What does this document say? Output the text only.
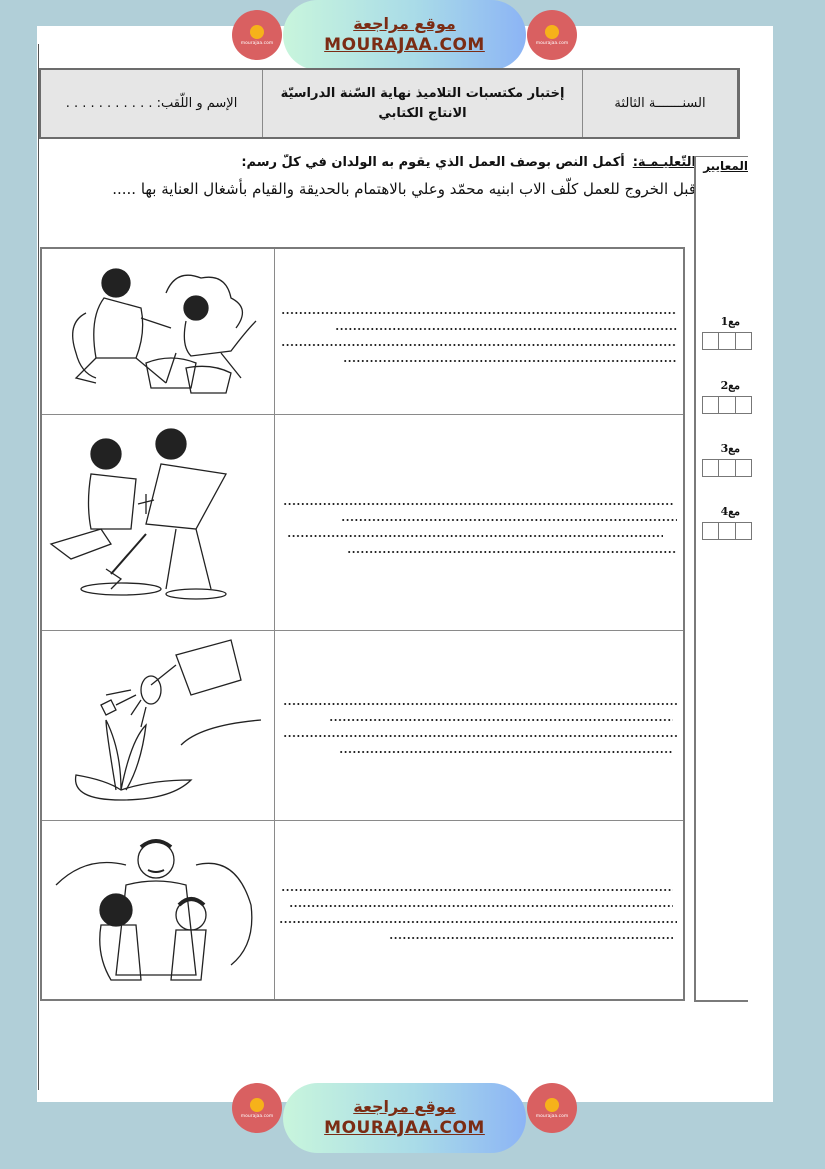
mourajaa.com
موقع مراجعة
MOURAJAA.COM	mourajaa.com
الإسم و اللّقب: . . . . . . . . . . .
إختبار مكتسبات التلاميذ نهاية السّنة الدراسيّة
الانتاج الكتابي
السنـــــــة الثالثة
التّعليـمـة:أكمل النص بوصف العمل الذي يقوم به الولدان في كلّ رسم:
قبل الخروج للعمل كلّف الاب ابنيه محمّد وعلي بالاهتمام بالحديقة والقيام بأشغال العناية بها .....
المعايير
مع1
مع2
مع3
مع4
mourajaa.com	موقع مراجعة
MOURAJAA.COM
mourajaa.com
